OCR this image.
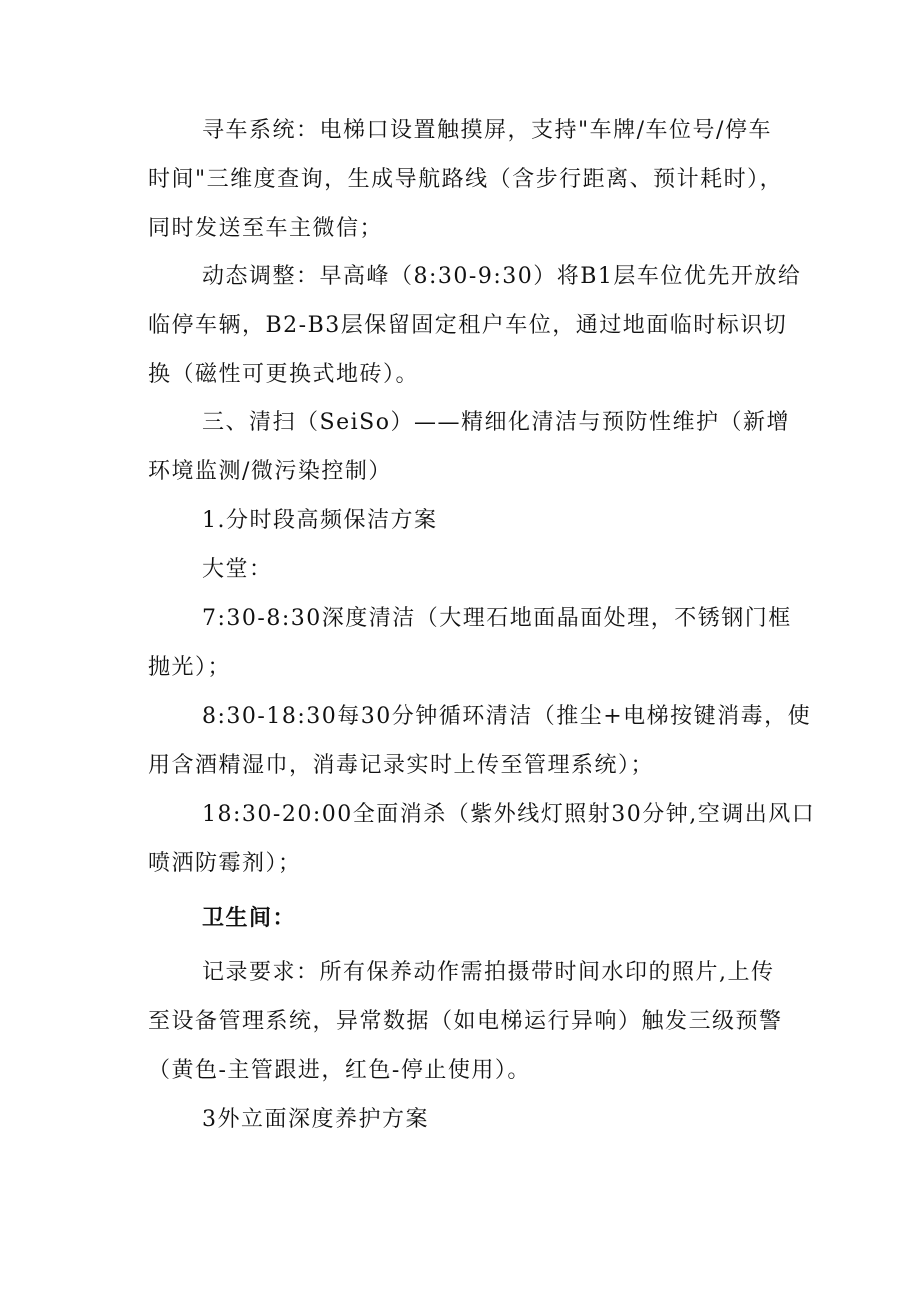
寻车系统：电梯口设置触摸屏，支持"车牌/车位号/停车
时间"三维度查询，生成导航路线（含步行距离、预计耗时），
同时发送至车主微信；

动态调整：早高峰（8:30-9:30）将B1层车位优先开放给
临停车辆，B2-B3层保留固定租户车位，通过地面临时标识切
换（磁性可更换式地砖）。

三、清扫（SeiSo）——精细化清洁与预防性维护（新增
环境监测/微污染控制）

1.分时段高频保洁方案

大堂：

7:30-8:30深度清洁（大理石地面晶面处理，不锈钢门框
抛光）；

8:30-18:30每30分钟循环清洁（推尘+电梯按键消毒，使
用含酒精湿巾，消毒记录实时上传至管理系统）；

18:30-20:00全面消杀（紫外线灯照射30分钟,空调出风口
喷洒防霉剂）；

卫生间：

记录要求：所有保养动作需拍摄带时间水印的照片,上传
至设备管理系统，异常数据（如电梯运行异响）触发三级预警
（黄色-主管跟进，红色-停止使用）。

3外立面深度养护方案
